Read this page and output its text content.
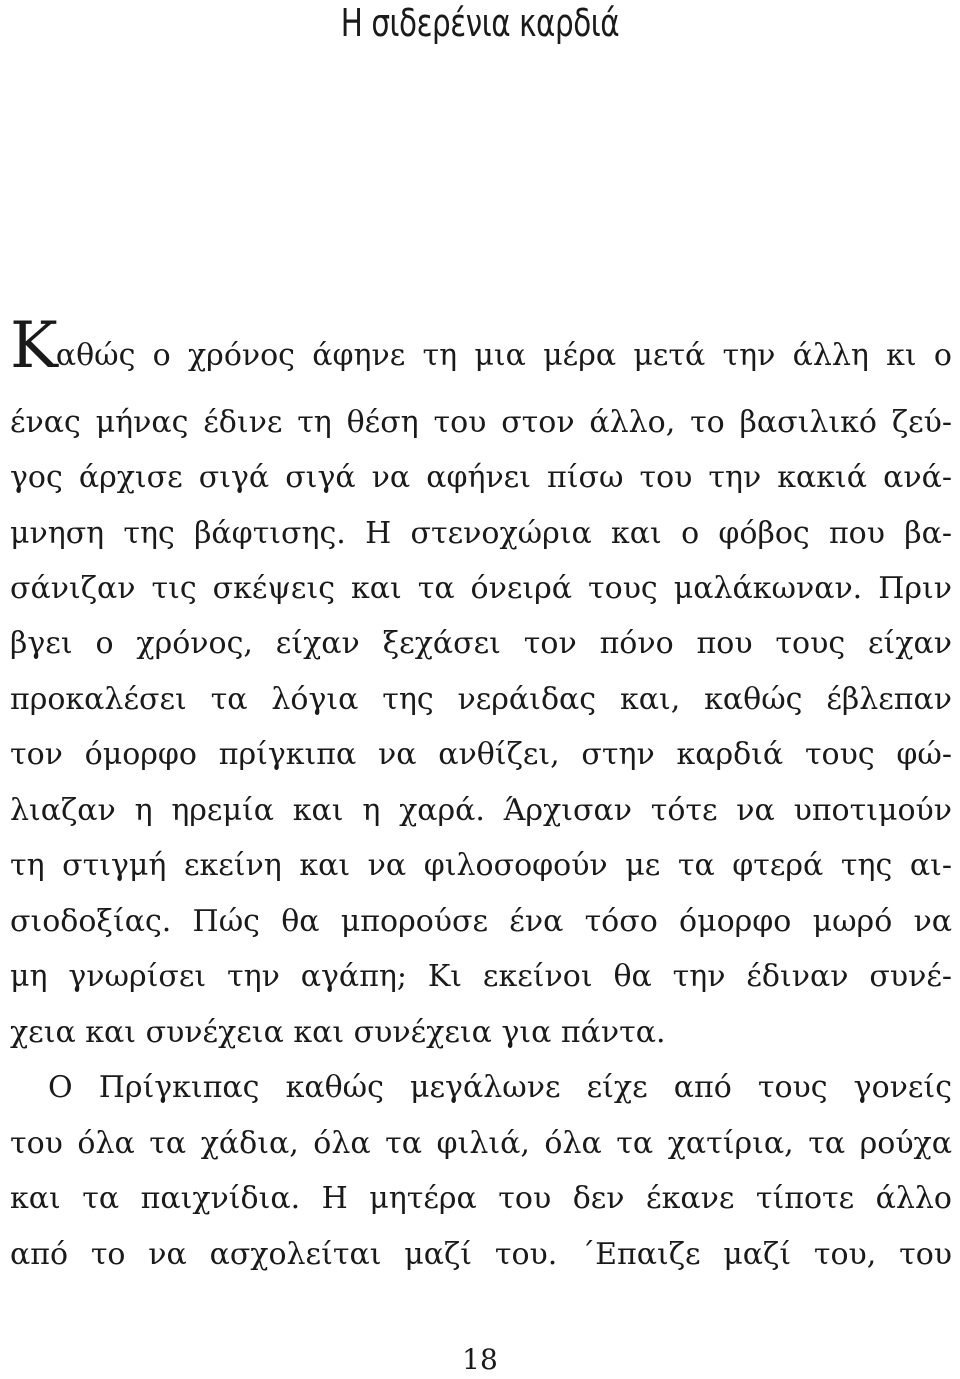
Η σιδερένια καρδιά
Καθώς ο χρόνος άφηνε τη μια μέρα μετά την άλλη κι ο
ένας μήνας έδινε τη θέση του στον άλλο, το βασιλικό ζεύ-
γος άρχισε σιγά σιγά να αφήνει πίσω του την κακιά ανά-
μνηση της βάφτισης. Η στενοχώρια και ο φόβος που βα-
σάνιζαν τις σκέψεις και τα όνειρά τους μαλάκωναν. Πριν
βγει ο χρόνος, είχαν ξεχάσει τον πόνο που τους είχαν
προκαλέσει τα λόγια της νεράιδας και, καθώς έβλεπαν
τον όμορφο πρίγκιπα να ανθίζει, στην καρδιά τους φώ-
λιαζαν η ηρεμία και η χαρά. Άρχισαν τότε να υποτιμούν
τη στιγμή εκείνη και να φιλοσοφούν με τα φτερά της αι-
σιοδοξίας. Πώς θα μπορούσε ένα τόσο όμορφο μωρό να
μη γνωρίσει την αγάπη; Κι εκείνοι θα την έδιναν συνέ-
χεια και συνέχεια και συνέχεια για πάντα.
Ο Πρίγκιπας καθώς μεγάλωνε είχε από τους γονείς
του όλα τα χάδια, όλα τα φιλιά, όλα τα χατίρια, τα ρούχα
και τα παιχνίδια. Η μητέρα του δεν έκανε τίποτε άλλο
από το να ασχολείται μαζί του. ΄Επαιζε μαζί του, του
18
